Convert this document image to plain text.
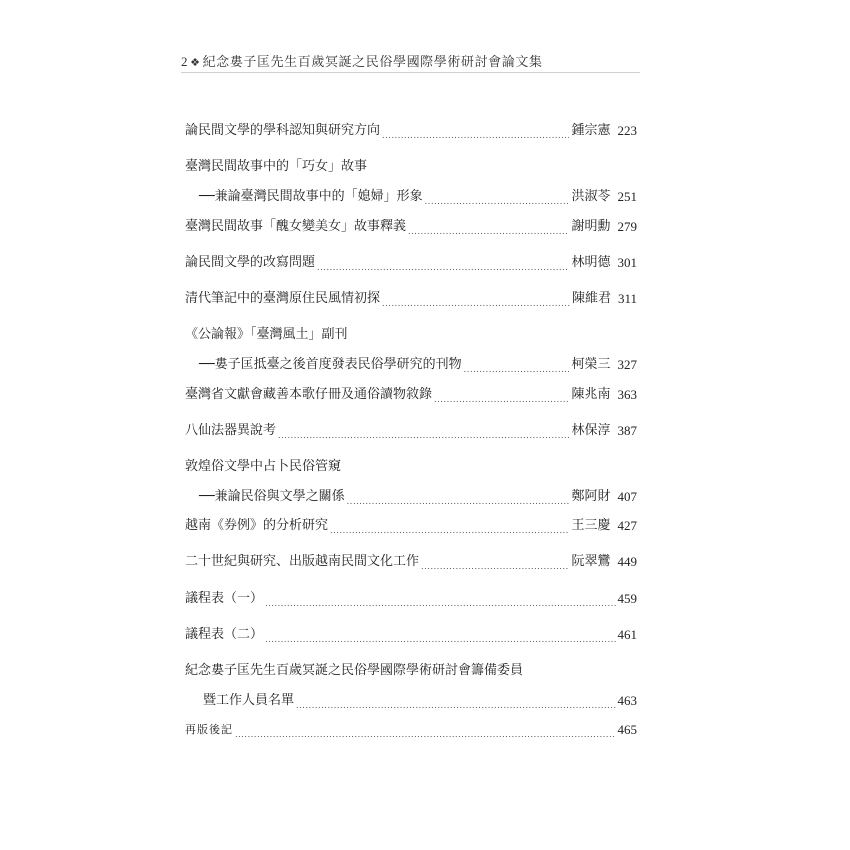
2 ❖ 紀念婁子匡先生百歲冥誕之民俗學國際學術研討會論文集
論民間文學的學科認知與研究方向 .....	鍾宗憲 223
臺灣民間故事中的「巧女」故事
──兼論臺灣民間故事中的「媳婦」形象 .....	洪淑苓 251
臺灣民間故事「醜女變美女」故事釋義 .....	謝明勳 279
論民間文學的改寫問題 .....	林明德 301
清代筆記中的臺灣原住民風情初探 .....	陳維君 311
《公論報》「臺灣風土」副刊
──婁子匡抵臺之後首度發表民俗學研究的刊物 .....	柯榮三 327
臺灣省文獻會藏善本歌仔冊及通俗讀物敘錄 .....	陳兆南 363
八仙法器異說考 .....	林保淳 387
敦煌俗文學中占卜民俗管窺
──兼論民俗與文學之關係 .....	鄭阿財 407
越南《券例》的分析研究 .....	王三慶 427
二十世紀與研究、出版越南民間文化工作 .....	阮翠鸞 449
議程表（一） .....	459
議程表（二） .....	461
紀念婁子匡先生百歲冥誕之民俗學國際學術研討會籌備委員
暨工作人員名單 .....	463
再版後記 .....	465
